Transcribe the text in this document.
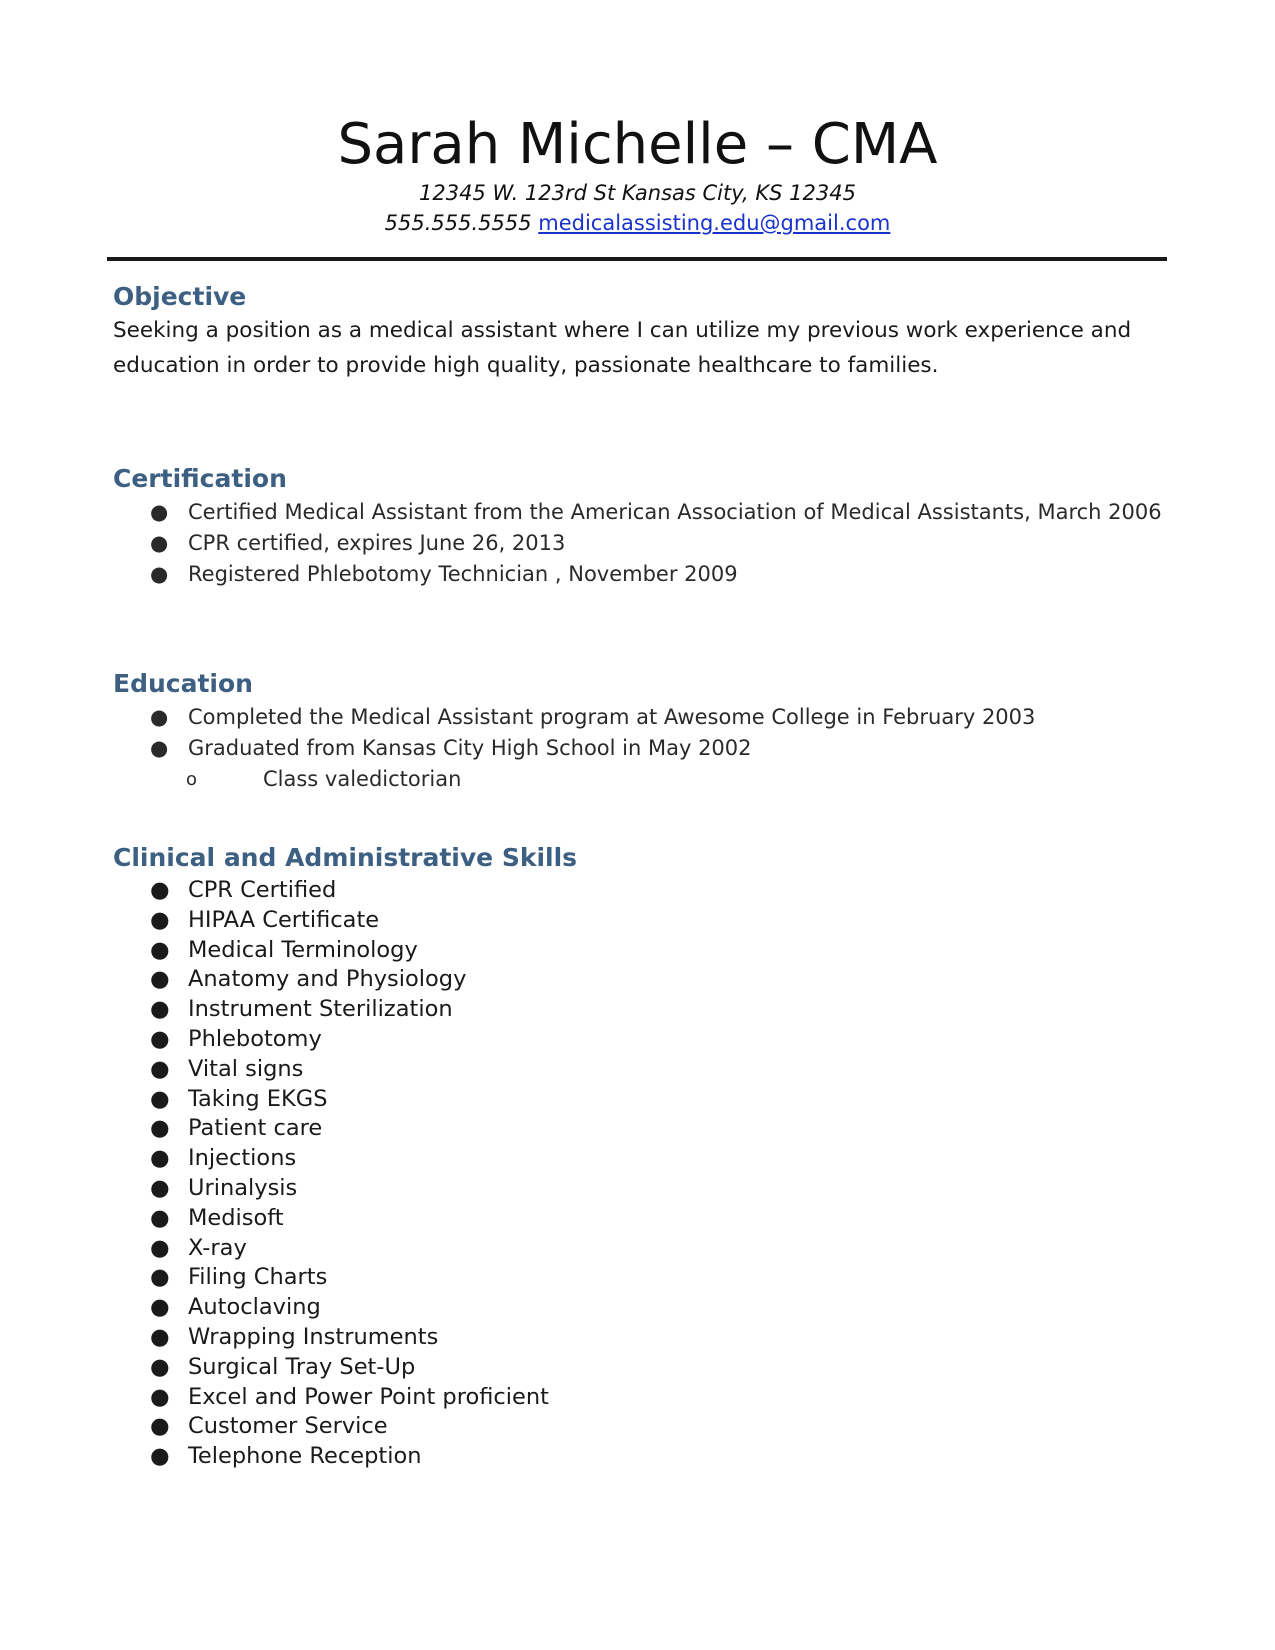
Sarah Michelle – CMA
12345 W. 123rd St Kansas City, KS 12345
555.555.5555 medicalassisting.edu@gmail.com
Objective

Seeking a position as a medical assistant where I can utilize my previous work experience and education in order to provide high quality, passionate healthcare to families.

Certification
● Certified Medical Assistant from the American Association of Medical Assistants, March 2006
● CPR certified, expires June 26, 2013
● Registered Phlebotomy Technician , November 2009
Education
● Completed the Medical Assistant program at Awesome College in February 2003
● Graduated from Kansas City High School in May 2002
o	Class valedictorian
Clinical and Administrative Skills
● CPR Certified
● HIPAA Certificate
● Medical Terminology
● Anatomy and Physiology
● Instrument Sterilization
● Phlebotomy
● Vital signs
● Taking EKGS
● Patient care
● Injections
● Urinalysis
● Medisoft
● X-ray
● Filing Charts
● Autoclaving
● Wrapping Instruments
● Surgical Tray Set-Up
● Excel and Power Point proficient
● Customer Service
● Telephone Reception
